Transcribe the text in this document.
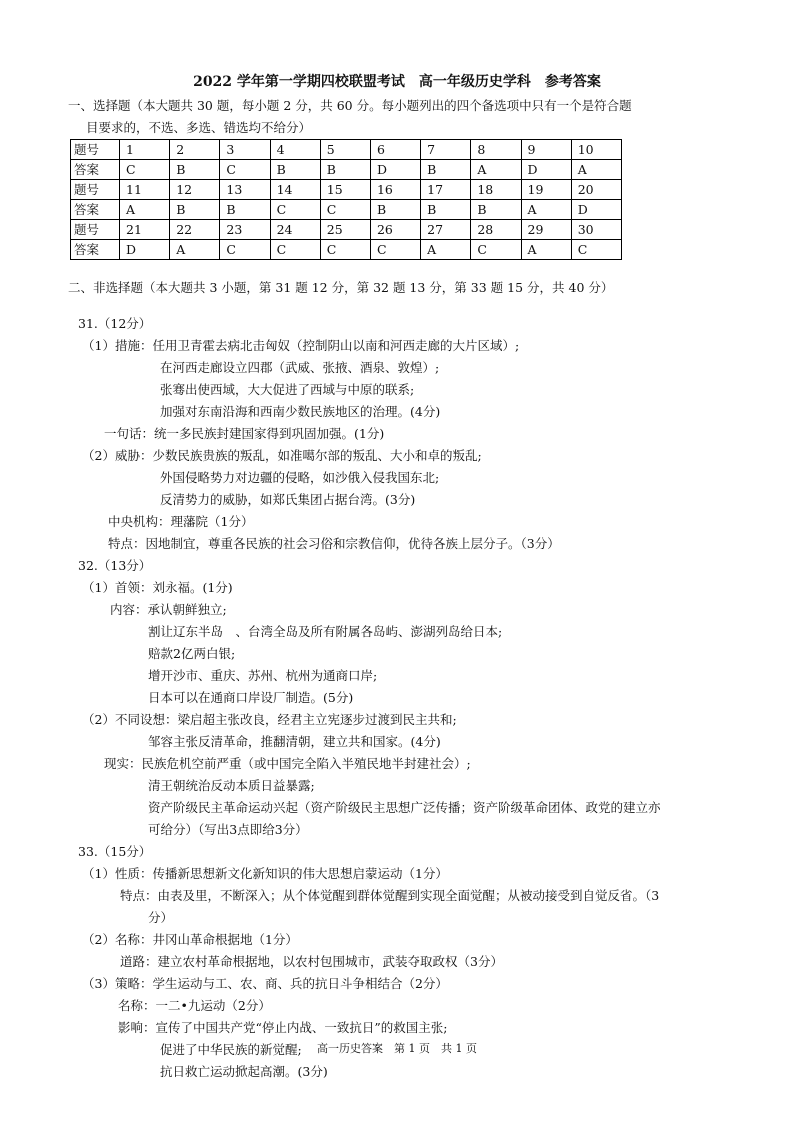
2022 学年第一学期四校联盟考试　高一年级历史学科　参考答案
一、选择题（本大题共 30 题，每小题 2 分，共 60 分。每小题列出的四个备选项中只有一个是符合题
目要求的，不选、多选、错选均不给分）
题号	1	2	3	4	5	6	7	8	9	10
答案	C	B	C	B	B	D	B	A	D	A
题号	11	12	13	14	15	16	17	18	19	20
答案	A	B	B	C	C	B	B	B	A	D
题号	21	22	23	24	25	26	27	28	29	30
答案	D	A	C	C	C	C	A	C	A	C
二、非选择题（本大题共 3 小题，第 31 题 12 分，第 32 题 13 分，第 33 题 15 分，共 40 分）
31.（12分）
（1）措施：任用卫青霍去病北击匈奴（控制阴山以南和河西走廊的大片区域）;
在河西走廊设立四郡（武威、张掖、酒泉、敦煌）;
张骞出使西域，大大促进了西域与中原的联系;
加强对东南沿海和西南少数民族地区的治理。(4分)
一句话：统一多民族封建国家得到巩固加强。(1分)
（2）威胁：少数民族贵族的叛乱，如准噶尔部的叛乱、大小和卓的叛乱;
外国侵略势力对边疆的侵略，如沙俄入侵我国东北;
反清势力的威胁，如郑氏集团占据台湾。(3分)
中央机构：理藩院（1分）
特点：因地制宜，尊重各民族的社会习俗和宗教信仰，优待各族上层分子。（3分）
32.（13分）
（1）首领：刘永福。(1分)
内容：承认朝鲜独立;
割让辽东半岛　、台湾全岛及所有附属各岛屿、澎湖列岛给日本;
赔款2亿两白银;
增开沙市、重庆、苏州、杭州为通商口岸;
日本可以在通商口岸设厂制造。(5分)
（2）不同设想：梁启超主张改良，经君主立宪逐步过渡到民主共和;
邹容主张反清革命，推翻清朝，建立共和国家。(4分)
现实：民族危机空前严重（或中国完全陷入半殖民地半封建社会）;
清王朝统治反动本质日益暴露;
资产阶级民主革命运动兴起（资产阶级民主思想广泛传播；资产阶级革命团体、政党的建立亦
可给分）（写出3点即给3分）
33.（15分）
（1）性质：传播新思想新文化新知识的伟大思想启蒙运动（1分）
特点：由表及里，不断深入；从个体觉醒到群体觉醒到实现全面觉醒；从被动接受到自觉反省。（3
分）
（2）名称：井冈山革命根据地（1分）
道路：建立农村革命根据地，以农村包围城市，武装夺取政权（3分）
（3）策略：学生运动与工、农、商、兵的抗日斗争相结合（2分）
名称：一二•九运动（2分）
影响：宣传了中国共产党“停止内战、一致抗日”的救国主张;
促进了中华民族的新觉醒;
抗日救亡运动掀起高潮。(3分)
高一历史答案　第 1 页　共 1 页
